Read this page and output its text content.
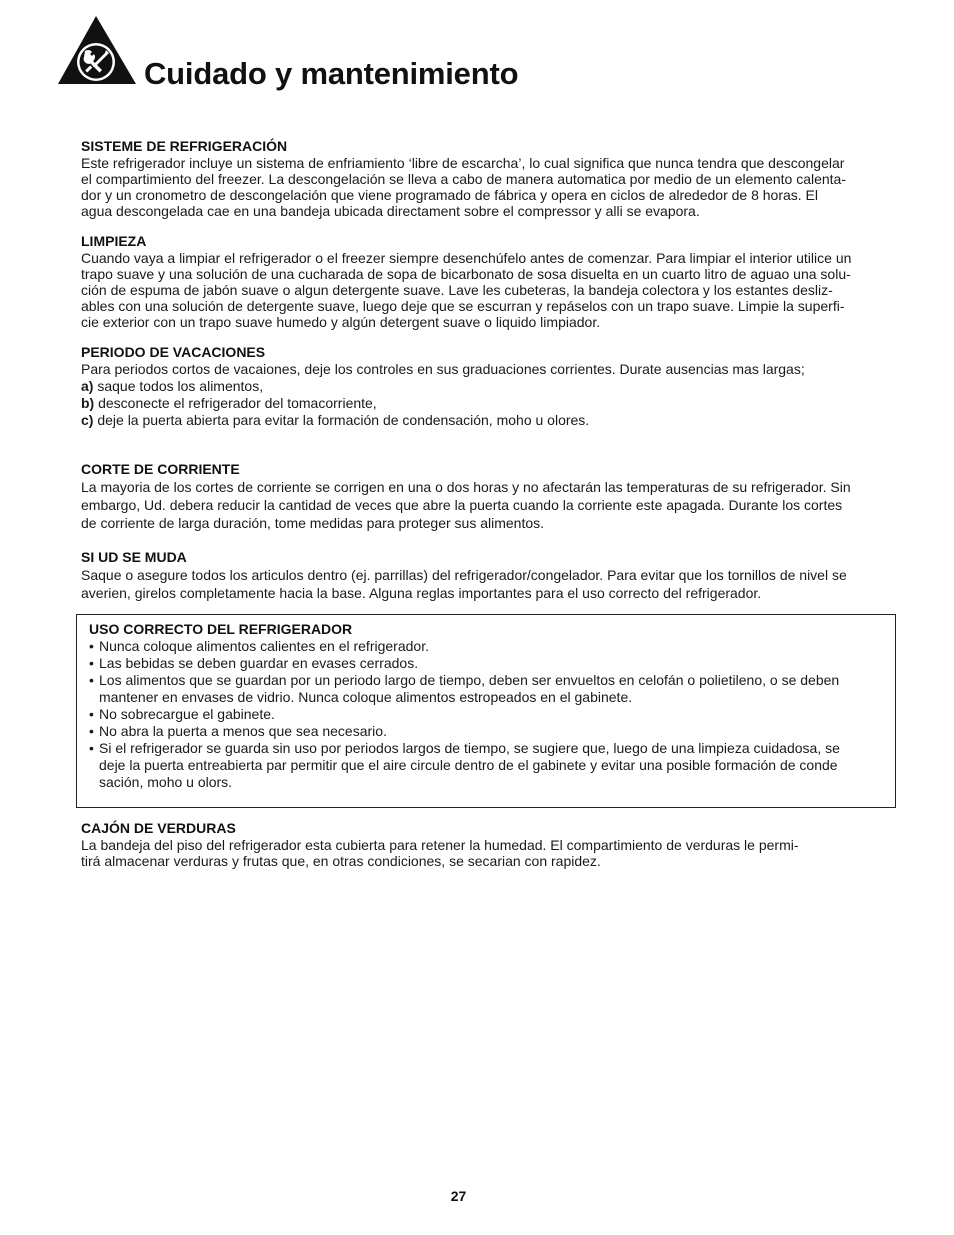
Cuidado y mantenimiento
SISTEME DE REFRIGERACIÓN

Este refrigerador incluye un sistema de enfriamiento ‘libre de escarcha’, lo cual significa que nunca tendra que descongelar
el compartimiento del freezer. La descongelación se lleva a cabo de manera automatica por medio de un elemento calenta-
dor y un cronometro de descongelación que viene programado de fábrica y opera en ciclos de alrededor de 8 horas. El
agua descongelada cae en una bandeja ubicada directament sobre el compressor y alli se evapora.

LIMPIEZA

Cuando vaya a limpiar el refrigerador o el freezer siempre desenchúfelo antes de comenzar. Para limpiar el interior utilice un
trapo suave y una solución de una cucharada de sopa de bicarbonato de sosa disuelta en un cuarto litro de aguao una solu-
ción de espuma de jabón suave o algun detergente suave. Lave les cubeteras, la bandeja colectora y los estantes desliz-
ables con una solución de detergente suave, luego deje que se escurran y repáselos con un trapo suave. Limpie la superfi-
cie exterior con un trapo suave humedo y algún detergent suave o liquido limpiador.

PERIODO DE VACACIONES

Para periodos cortos de vacaiones, deje los controles en sus graduaciones corrientes. Durate ausencias mas largas;

a) saque todos los alimentos,

b) desconecte el refrigerador del tomacorriente,

c) deje la puerta abierta para evitar la formación de condensación, moho u olores.

CORTE DE CORRIENTE

La mayoria de los cortes de corriente se corrigen en una o dos horas y no afectarán las temperaturas de su refrigerador. Sin
embargo, Ud. debera reducir la cantidad de veces que abre la puerta cuando la corriente este apagada. Durante los cortes
de corriente de larga duración, tome medidas para proteger sus alimentos.

SI UD SE MUDA

Saque o asegure todos los articulos dentro (ej. parrillas) del refrigerador/congelador. Para evitar que los tornillos de nivel se
averien, girelos completamente hacia la base. Alguna reglas importantes para el uso correcto del refrigerador.

USO CORRECTO DEL REFRIGERADOR
• Nunca coloque alimentos calientes en el refrigerador.
• Las bebidas se deben guardar en evases cerrados.
• Los alimentos que se guardan por un periodo largo de tiempo, deben ser envueltos en celofán o polietileno, o se deben
mantener en envases de vidrio. Nunca coloque alimentos estropeados en el gabinete.
• No sobrecargue el gabinete.
• No abra la puerta a menos que sea necesario.
• Si el refrigerador se guarda sin uso por periodos largos de tiempo, se sugiere que, luego de una limpieza cuidadosa, se
deje la puerta entreabierta par permitir que el aire circule dentro de el gabinete y evitar una posible formación de conde
sación, moho u olors.
CAJÓN DE VERDURAS

La bandeja del piso del refrigerador esta cubierta para retener la humedad. El compartimiento de verduras le permi-
tirá almacenar verduras y frutas que, en otras condiciones, se secarian con rapidez.

27
